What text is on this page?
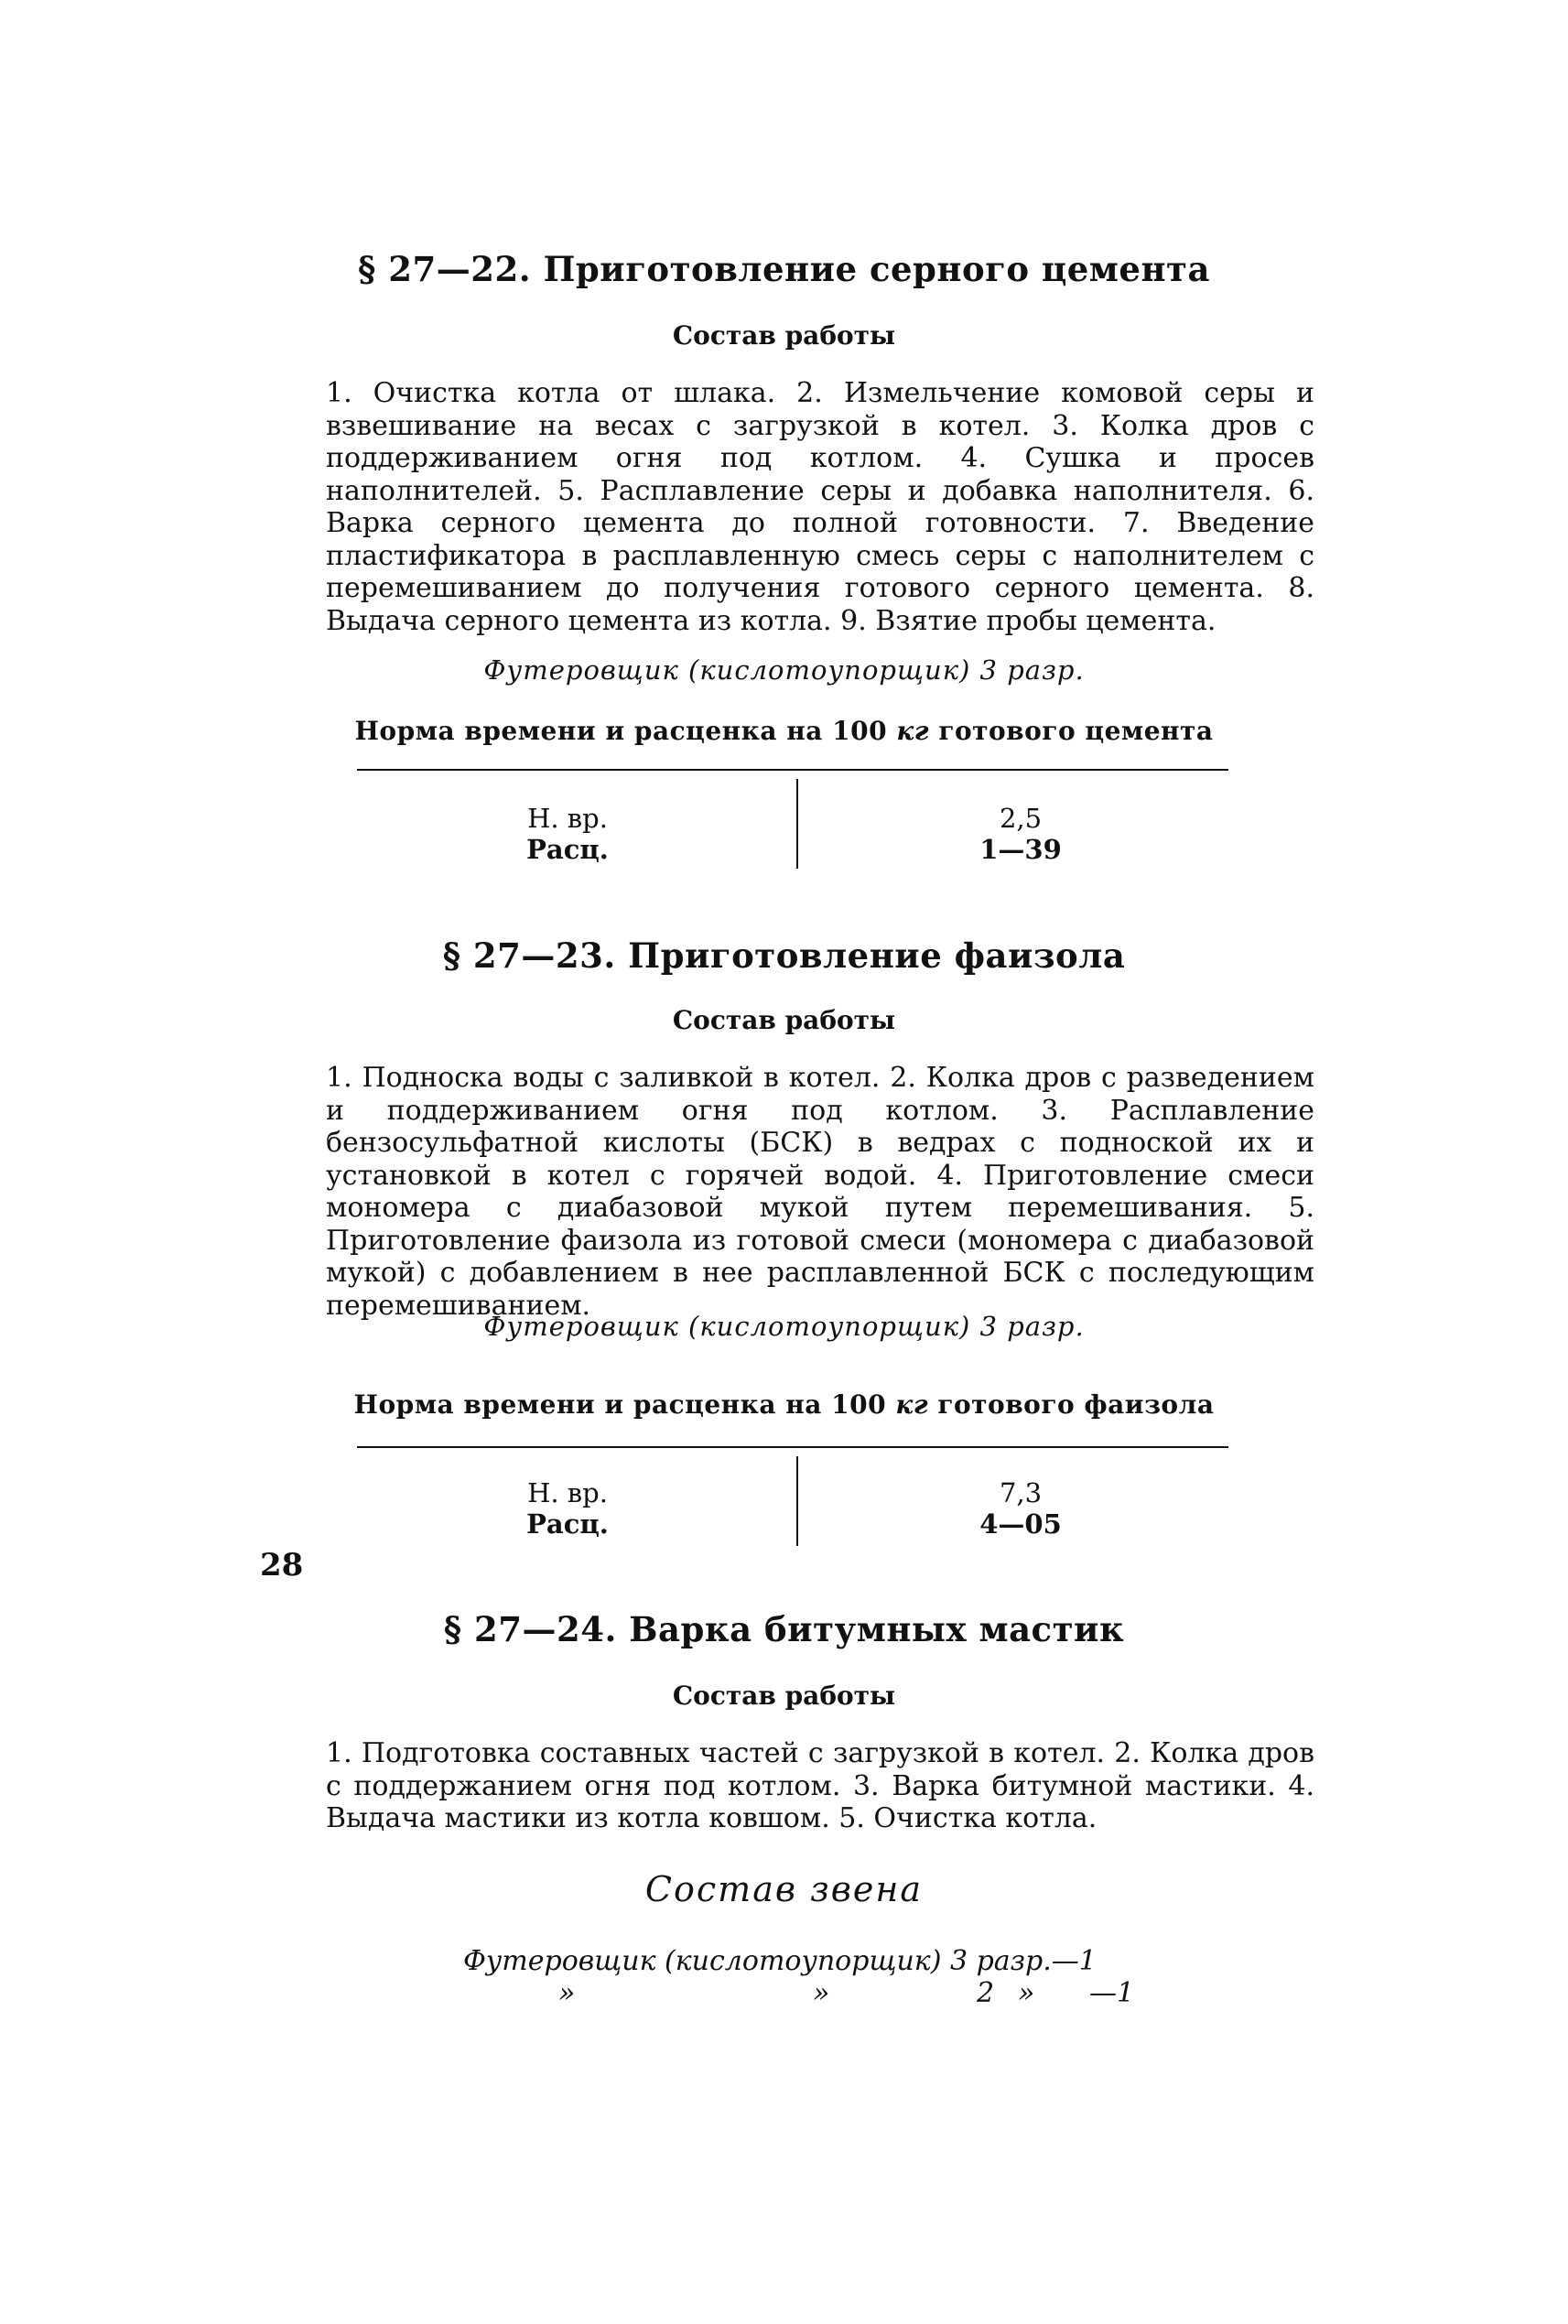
§ 27—22. Приготовление серного цемента
Состав работы

1. Очистка котла от шлака. 2. Измельчение комовой серы и взвешивание на весах с загрузкой в котел. 3. Колка дров с поддерживанием огня под котлом. 4. Сушка и просев наполнителей. 5. Расплавление серы и добавка наполнителя. 6. Варка серного цемента до полной готовности. 7. Введение пластификатора в расплавленную смесь серы с наполнителем с перемешиванием до получения готового серного цемента. 8. Выдача серного цемента из котла. 9. Взятие пробы цемента.

Футеровщик (кислотоупорщик) 3 разр.
Норма времени и расценка на 100 кг готового цемента
Н. вр.
Расц.
2,5
1—39
§ 27—23. Приготовление фаизола
Состав работы

1. Подноска воды с заливкой в котел. 2. Колка дров с разведением и поддерживанием огня под котлом. 3. Расплавление бензосульфатной кислоты (БСК) в ведрах с подноской их и установкой в котел с горячей водой. 4. Приготовление смеси мономера с диабазовой мукой путем перемешивания. 5. Приготовление фаизола из готовой смеси (мономера с диабазовой мукой) с добавлением в нее расплавленной БСК с последующим перемешиванием.

Футеровщик (кислотоупорщик) 3 разр.
Норма времени и расценка на 100 кг готового фаизола
Н. вр.
Расц.
7,3
4—05
§ 27—24. Варка битумных мастик
Состав работы

1. Подготовка составных частей с загрузкой в котел. 2. Колка дров с поддержанием огня под котлом. 3. Варка битумной мастики. 4. Выдача мастики из котла ковшом. 5. Очистка котла.

Состав звена
Футеровщик (кислотоупорщик) 3 разр.—1
»	»	2 » —1
28
